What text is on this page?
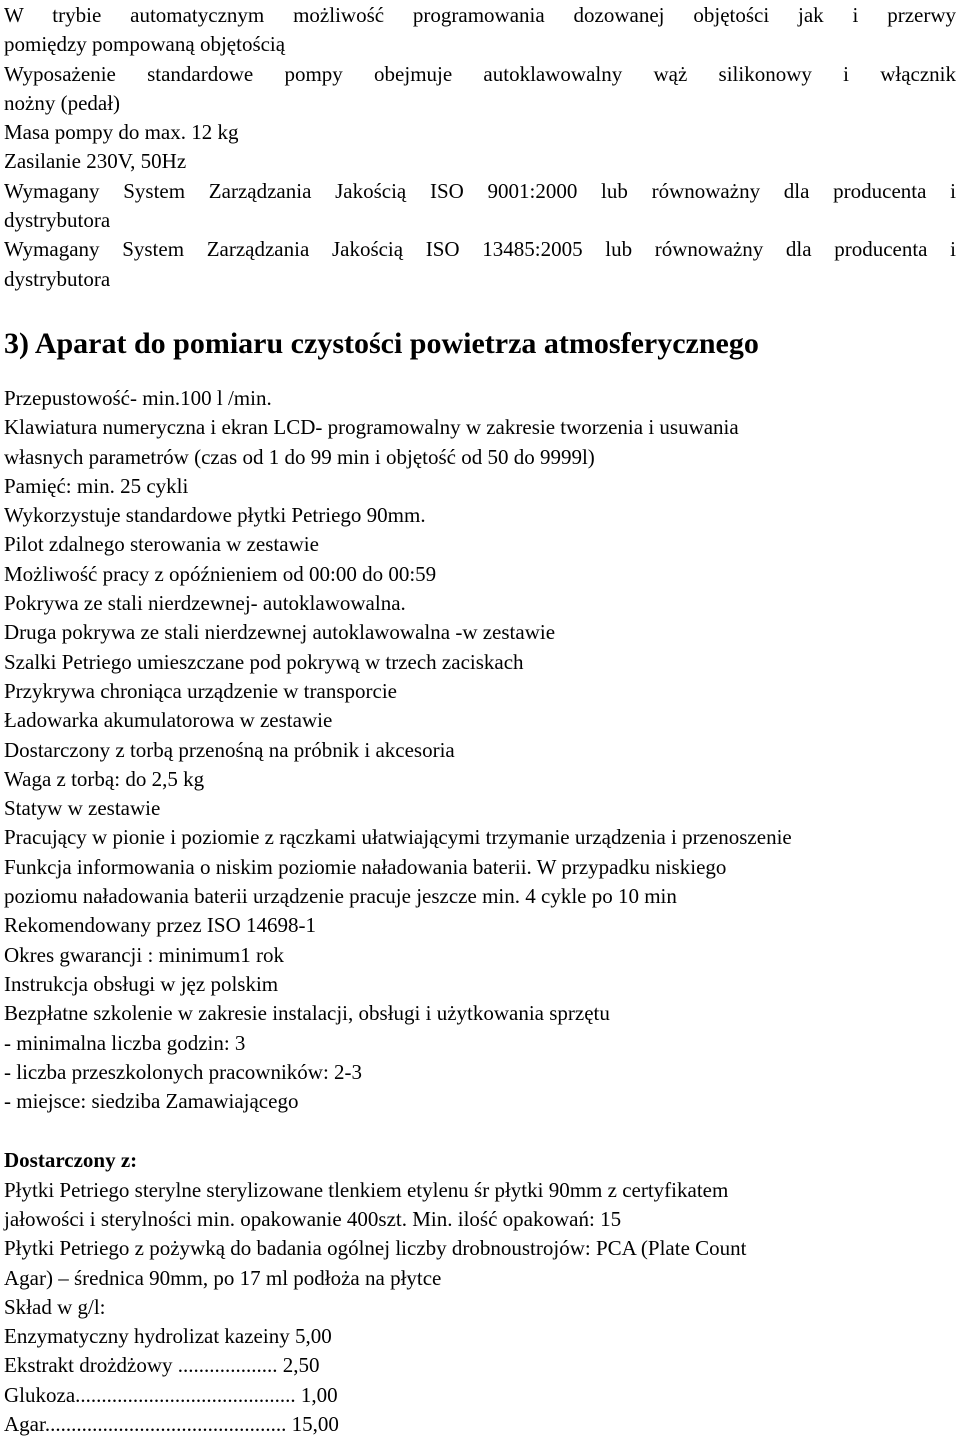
W trybie automatycznym możliwość programowania dozowanej objętości jak i przerwy
pomiędzy pompowaną objętością
Wyposażenie standardowe pompy obejmuje autoklawowalny wąż silikonowy i włącznik
nożny (pedał)
Masa pompy do max. 12 kg
Zasilanie 230V, 50Hz
Wymagany System Zarządzania Jakością ISO 9001:2000 lub równoważny dla producenta i
dystrybutora
Wymagany System Zarządzania Jakością ISO 13485:2005 lub równoważny dla producenta i
dystrybutora
3) Aparat do pomiaru czystości powietrza atmosferycznego
Przepustowość- min.100 l /min.
Klawiatura numeryczna i ekran LCD- programowalny w zakresie tworzenia i usuwania
własnych parametrów (czas od 1 do 99 min i objętość od 50 do 9999l)
Pamięć: min. 25 cykli
Wykorzystuje standardowe płytki Petriego 90mm.
Pilot zdalnego sterowania w zestawie
Możliwość pracy z opóźnieniem od 00:00 do 00:59
Pokrywa ze stali nierdzewnej- autoklawowalna.
Druga pokrywa ze stali nierdzewnej autoklawowalna -w zestawie
Szalki Petriego umieszczane pod pokrywą w trzech zaciskach
Przykrywa chroniąca urządzenie w transporcie
Ładowarka akumulatorowa w zestawie
Dostarczony z torbą przenośną na próbnik i akcesoria
Waga z torbą: do 2,5 kg
Statyw w zestawie
Pracujący w pionie i poziomie z rączkami ułatwiającymi trzymanie urządzenia i przenoszenie
Funkcja informowania o niskim poziomie naładowania baterii. W przypadku niskiego
poziomu naładowania baterii urządzenie pracuje jeszcze min. 4 cykle po 10 min
Rekomendowany przez ISO 14698-1
Okres gwarancji : minimum1 rok
Instrukcja obsługi w jęz polskim
Bezpłatne szkolenie w zakresie instalacji, obsługi i użytkowania sprzętu
- minimalna liczba godzin: 3
- liczba przeszkolonych pracowników: 2-3
- miejsce: siedziba Zamawiającego
Dostarczony z:
Płytki Petriego sterylne sterylizowane tlenkiem etylenu śr płytki 90mm z certyfikatem
jałowości i sterylności min. opakowanie 400szt. Min. ilość opakowań: 15
Płytki Petriego z pożywką do badania ogólnej liczby drobnoustrojów: PCA (Plate Count
Agar) – średnica 90mm, po 17 ml podłoża na płytce
Skład w g/l:
Enzymatyczny hydrolizat kazeiny 5,00
Ekstrakt drożdżowy ................... 2,50
Glukoza.......................................... 1,00
Agar.............................................. 15,00
